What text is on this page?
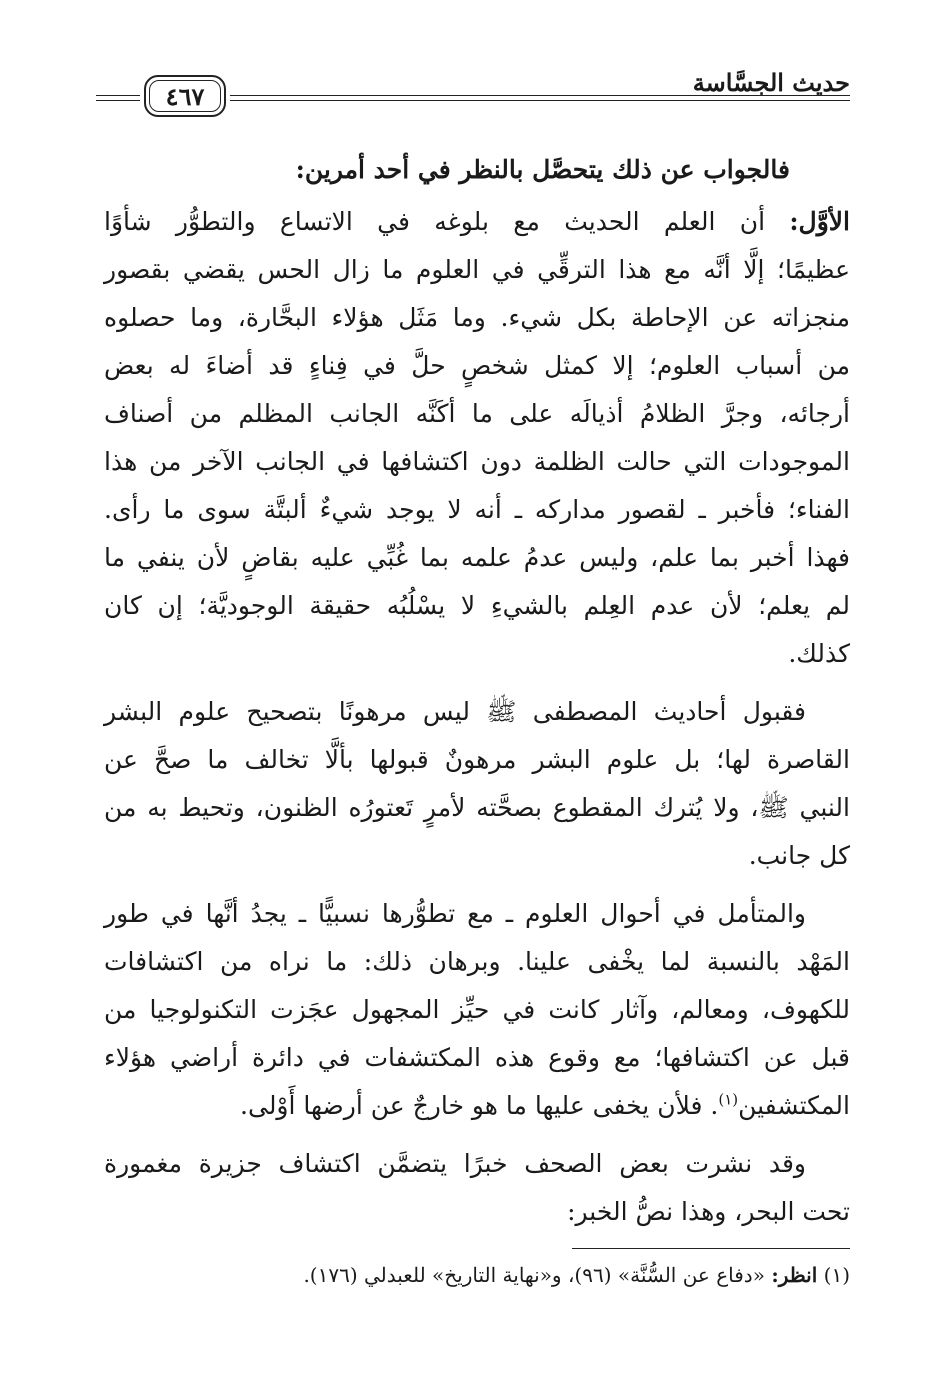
٤٦٧	حديث الجسَّاسة
فالجواب عن ذلك يتحصَّل بالنظر في أحد أمرين:
الأوَّل: أن العلم الحديث مع بلوغه في الاتساع والتطوُّر شأوًا
عظيمًا؛ إلَّا أنَّه مع هذا الترقِّي في العلوم ما زال الحس يقضي بقصور
منجزاته عن الإحاطة بكل شيء. وما مَثَل هؤلاء البحَّارة، وما حصلوه
من أسباب العلوم؛ إلا كمثل شخصٍ حلَّ في فِناءٍ قد أضاءَ له بعض
أرجائه، وجرَّ الظلامُ أذيالَه على ما أكَنَّه الجانب المظلم من أصناف
الموجودات التي حالت الظلمة دون اكتشافها في الجانب الآخر من هذا
الفناء؛ فأخبر ـ لقصور مداركه ـ أنه لا يوجد شيءٌ ألبتَّة سوى ما رأى.
فهذا أخبر بما علم، وليس عدمُ علمه بما غُبِّي عليه بقاضٍ لأن ينفي ما
لم يعلم؛ لأن عدم العِلم بالشيءِ لا يسْلُبُه حقيقة الوجوديَّة؛ إن كان
كذلك.
فقبول أحاديث المصطفى ﷺ ليس مرهونًا بتصحيح علوم البشر
القاصرة لها؛ بل علوم البشر مرهونٌ قبولها بألَّا تخالف ما صحَّ عن
النبي ﷺ، ولا يُترك المقطوع بصحَّته لأمرٍ تَعتورُه الظنون، وتحيط به من
كل جانب.
والمتأمل في أحوال العلوم ـ مع تطوُّرها نسبيًّا ـ يجدُ أنَّها في طور
المَهْد بالنسبة لما يخْفى علينا. وبرهان ذلك: ما نراه من اكتشافات
للكهوف، ومعالم، وآثار كانت في حيِّز المجهول عجَزت التكنولوجيا من
قبل عن اكتشافها؛ مع وقوع هذه المكتشفات في دائرة أراضي هؤلاء
المكتشفين$^{(١)}$. فلأن يخفى عليها ما هو خارجٌ عن أرضها أَوْلى.
وقد نشرت بعض الصحف خبرًا يتضمَّن اكتشاف جزيرة مغمورة
تحت البحر، وهذا نصُّ الخبر:
(١) انظر: «دفاع عن السُّنَّة» (٩٦)، و«نهاية التاريخ» للعبدلي (١٧٦).
